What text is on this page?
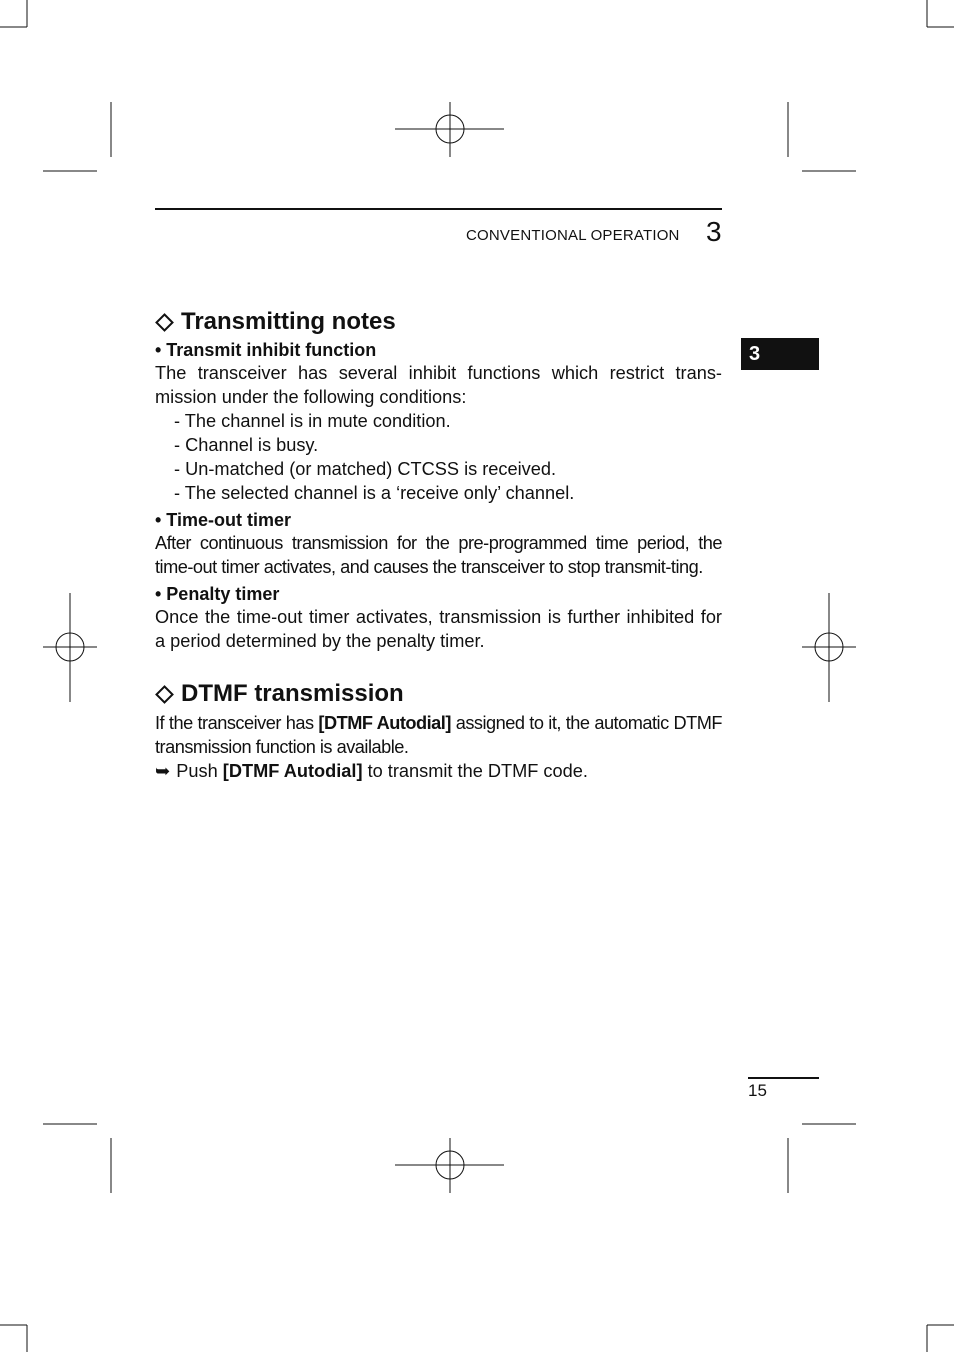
CONVENTIONAL OPERATION 3
3
Transmitting notes
• Transmit inhibit function

The transceiver has several inhibit functions which restrict trans-mission under the following conditions:

- The channel is in mute condition.

- Channel is busy.

- Un-matched (or matched) CTCSS is received.

- The selected channel is a ‘receive only’ channel.

• Time-out timer

After continuous transmission for the pre-programmed time period, the time-out timer activates, and causes the transceiver to stop transmit-ting.

• Penalty timer

Once the time-out timer activates, transmission is further inhibited for a period determined by the penalty timer.

DTMF transmission

If the transceiver has [DTMF Autodial] assigned to it, the automatic DTMF transmission function is available.

➥ Push [DTMF Autodial] to transmit the DTMF code.

15
